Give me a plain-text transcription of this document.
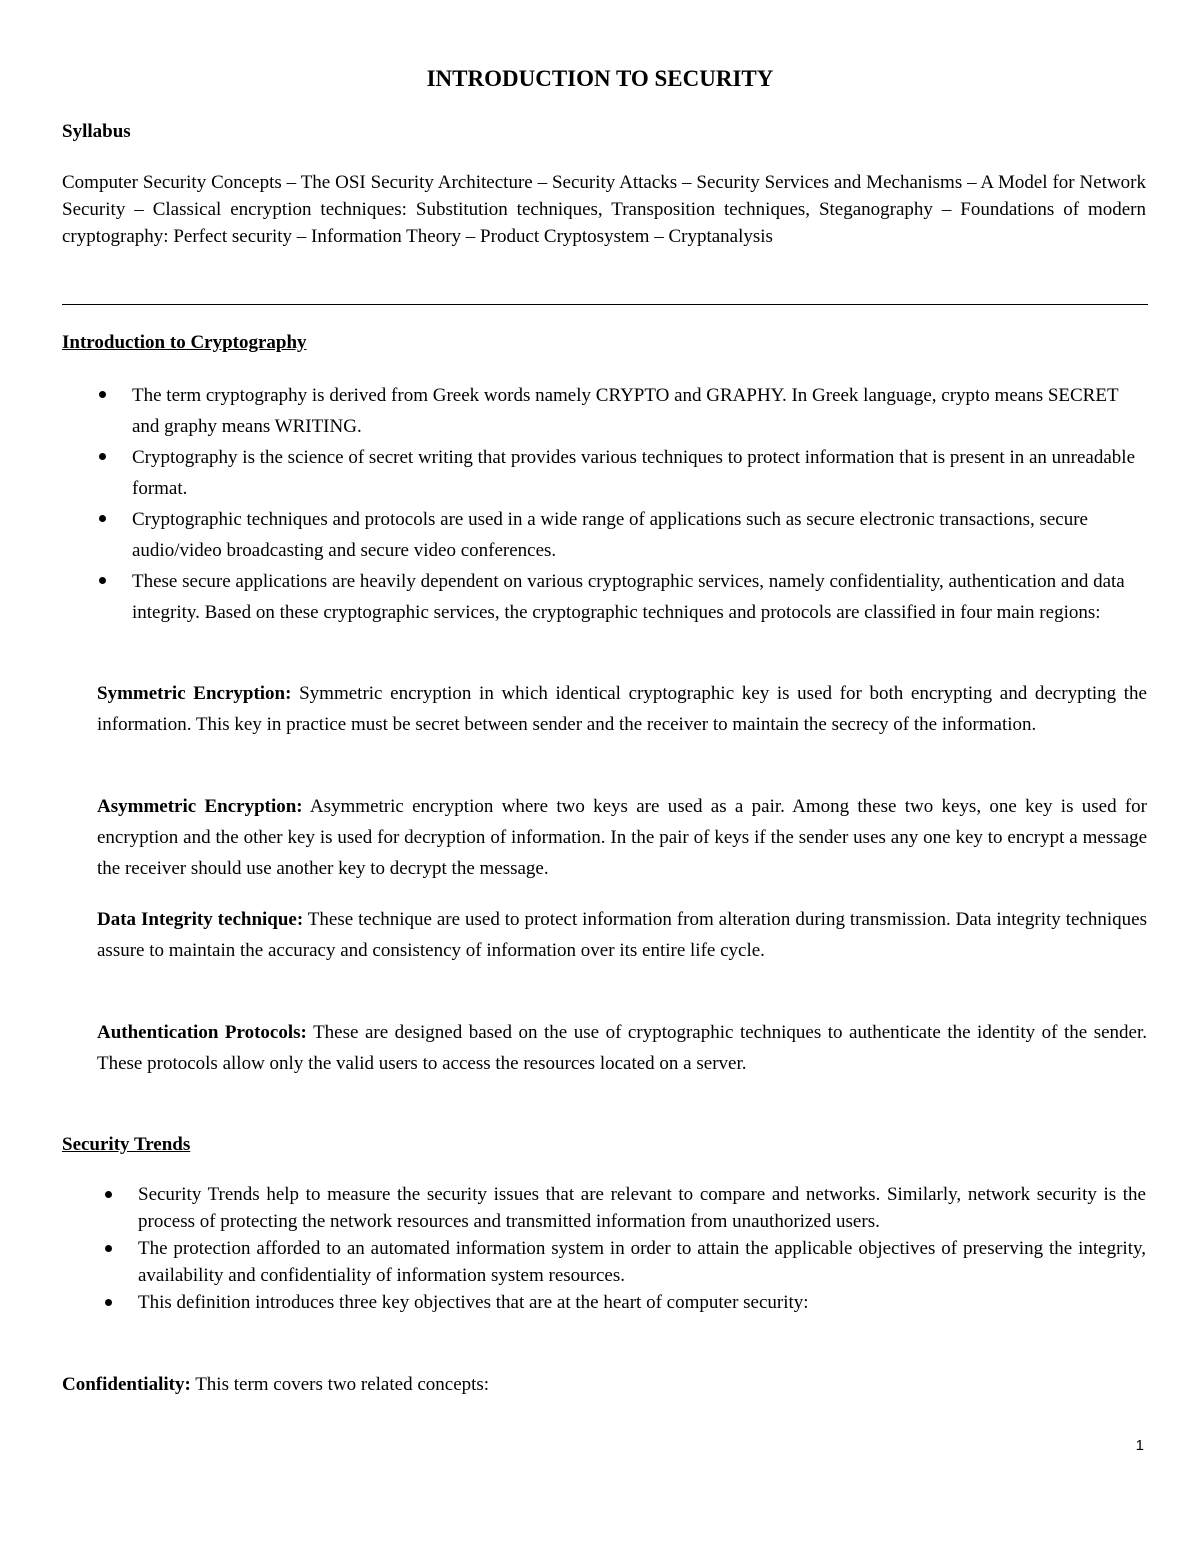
INTRODUCTION TO SECURITY
Syllabus

Computer Security Concepts – The OSI Security Architecture – Security Attacks – Security Services and Mechanisms – A Model for Network Security – Classical encryption techniques: Substitution techniques, Transposition techniques, Steganography – Foundations of modern cryptography: Perfect security – Information Theory – Product Cryptosystem – Cryptanalysis

Introduction to Cryptography
The term cryptography is derived from Greek words namely CRYPTO and GRAPHY. In Greek language, crypto means SECRET and graphy means WRITING.
Cryptography is the science of secret writing that provides various techniques to protect information that is present in an unreadable format.
Cryptographic techniques and protocols are used in a wide range of applications such as secure electronic transactions, secure audio/video broadcasting and secure video conferences.
These secure applications are heavily dependent on various cryptographic services, namely confidentiality, authentication and data integrity. Based on these cryptographic services, the cryptographic techniques and protocols are classified in four main regions:

Symmetric Encryption: Symmetric encryption in which identical cryptographic key is used for both encrypting and decrypting the information. This key in practice must be secret between sender and the receiver to maintain the secrecy of the information.

Asymmetric Encryption: Asymmetric encryption where two keys are used as a pair. Among these two keys, one key is used for encryption and the other key is used for decryption of information. In the pair of keys if the sender uses any one key to encrypt a message the receiver should use another key to decrypt the message.

Data Integrity technique: These technique are used to protect information from alteration during transmission. Data integrity techniques assure to maintain the accuracy and consistency of information over its entire life cycle.

Authentication Protocols: These are designed based on the use of cryptographic techniques to authenticate the identity of the sender. These protocols allow only the valid users to access the resources located on a server.

Security Trends
Security Trends help to measure the security issues that are relevant to compare and networks. Similarly, network security is the process of protecting the network resources and transmitted information from unauthorized users.
The protection afforded to an automated information system in order to attain the applicable objectives of preserving the integrity, availability and confidentiality of information system resources.
This definition introduces three key objectives that are at the heart of computer security:

Confidentiality: This term covers two related concepts:

1
